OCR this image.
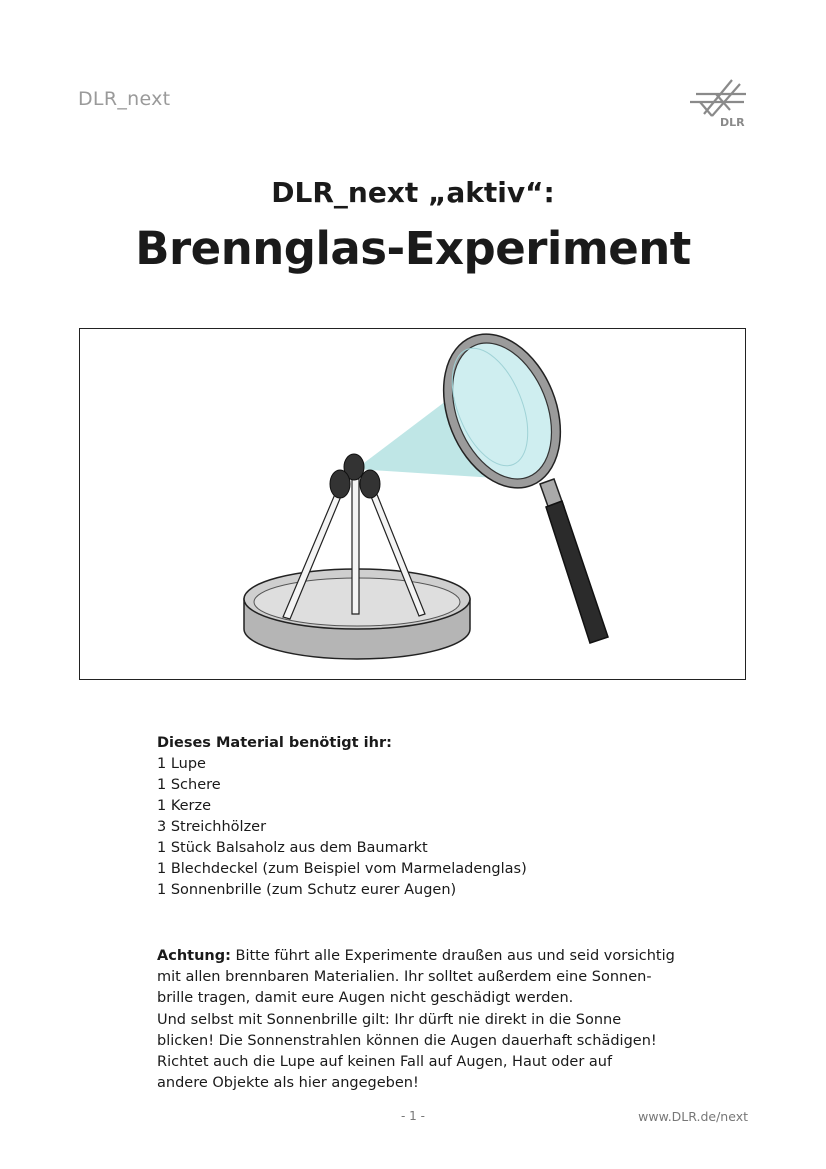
DLR_next
DLR
DLR_next „aktiv“:
Brennglas-Experiment
Dieses Material benötigt ihr:
1 Lupe
1 Schere
1 Kerze
3 Streichhölzer
1 Stück Balsaholz aus dem Baumarkt
1 Blechdeckel (zum Beispiel vom Marmeladenglas)
1 Sonnenbrille (zum Schutz eurer Augen)
Achtung: Bitte führt alle Experimente draußen aus und seid vorsichtig
mit allen brennbaren Materialien. Ihr solltet außerdem eine Sonnen-
brille tragen, damit eure Augen nicht geschädigt werden.
Und selbst mit Sonnenbrille gilt: Ihr dürft nie direkt in die Sonne
blicken! Die Sonnenstrahlen können die Augen dauerhaft schädigen!
Richtet auch die Lupe auf keinen Fall auf Augen, Haut oder auf
andere Objekte als hier angegeben!
- 1 -	www.DLR.de/next
